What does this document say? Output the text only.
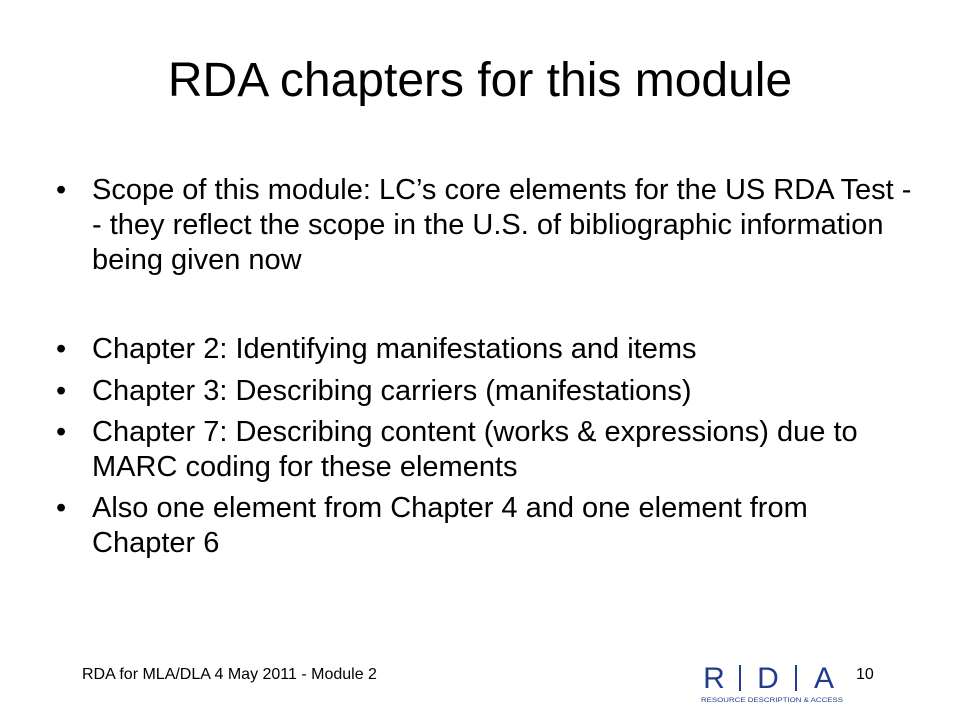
RDA chapters for this module
• Scope of this module: LC’s core elements for the US RDA Test -- they reflect the scope in the U.S. of bibliographic information being given now
• Chapter 2: Identifying manifestations and items
• Chapter 3: Describing carriers (manifestations)
• Chapter 7: Describing content (works & expressions) due to MARC coding for these elements
• Also one element from Chapter 4 and one element from Chapter 6
RDA for MLA/DLA 4 May 2011 - Module 2	10
R D A
RESOURCE DESCRIPTION & ACCESS
